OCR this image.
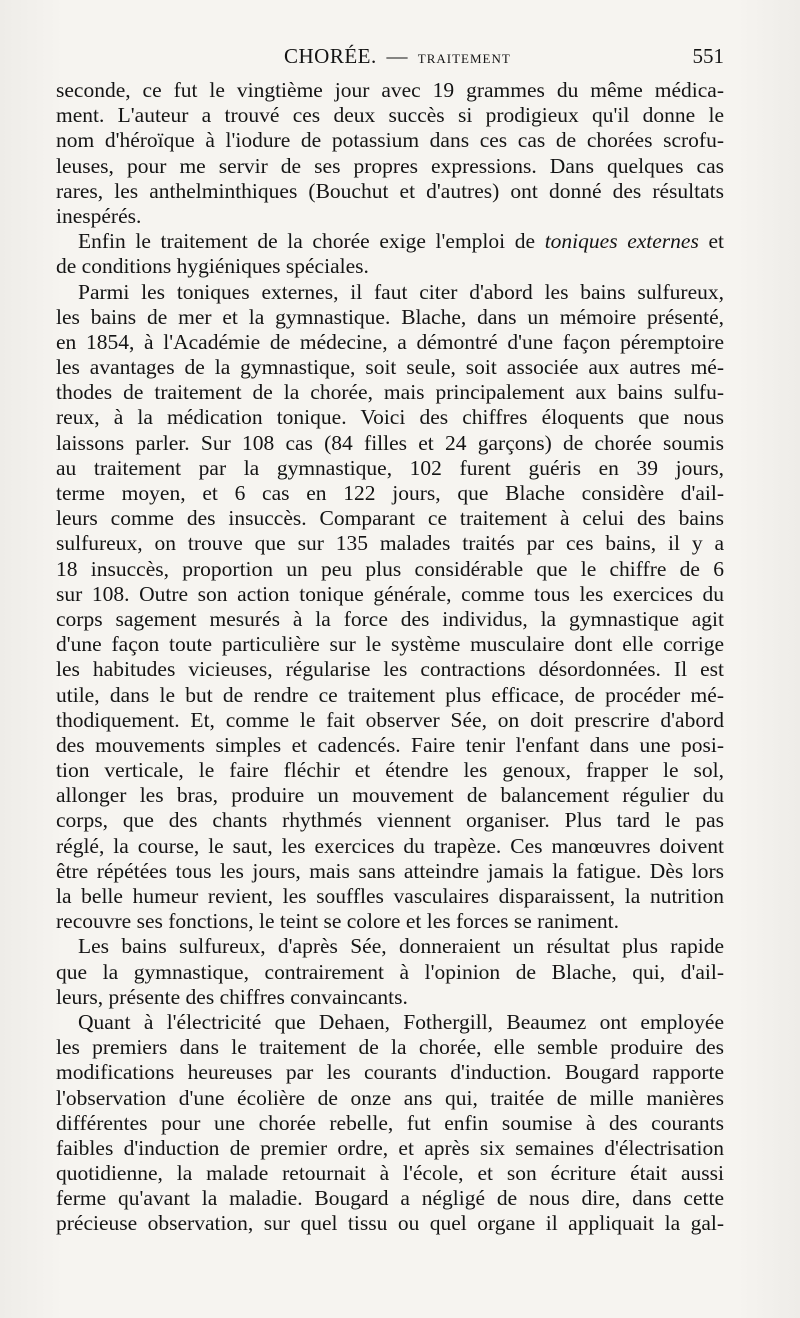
CHORÉE. — TRAITEMENT	551
seconde, ce fut le vingtième jour avec 19 grammes du même médica-
ment. L'auteur a trouvé ces deux succès si prodigieux qu'il donne le
nom d'héroïque à l'iodure de potassium dans ces cas de chorées scrofu-
leuses, pour me servir de ses propres expressions. Dans quelques cas
rares, les anthelminthiques (Bouchut et d'autres) ont donné des résultats
inespérés.
Enfin le traitement de la chorée exige l'emploi de toniques externes et
de conditions hygiéniques spéciales.
Parmi les toniques externes, il faut citer d'abord les bains sulfureux,
les bains de mer et la gymnastique. Blache, dans un mémoire présenté,
en 1854, à l'Académie de médecine, a démontré d'une façon péremptoire
les avantages de la gymnastique, soit seule, soit associée aux autres mé-
thodes de traitement de la chorée, mais principalement aux bains sulfu-
reux, à la médication tonique. Voici des chiffres éloquents que nous
laissons parler. Sur 108 cas (84 filles et 24 garçons) de chorée soumis
au traitement par la gymnastique, 102 furent guéris en 39 jours,
terme moyen, et 6 cas en 122 jours, que Blache considère d'ail-
leurs comme des insuccès. Comparant ce traitement à celui des bains
sulfureux, on trouve que sur 135 malades traités par ces bains, il y a
18 insuccès, proportion un peu plus considérable que le chiffre de 6
sur 108. Outre son action tonique générale, comme tous les exercices du
corps sagement mesurés à la force des individus, la gymnastique agit
d'une façon toute particulière sur le système musculaire dont elle corrige
les habitudes vicieuses, régularise les contractions désordonnées. Il est
utile, dans le but de rendre ce traitement plus efficace, de procéder mé-
thodiquement. Et, comme le fait observer Sée, on doit prescrire d'abord
des mouvements simples et cadencés. Faire tenir l'enfant dans une posi-
tion verticale, le faire fléchir et étendre les genoux, frapper le sol,
allonger les bras, produire un mouvement de balancement régulier du
corps, que des chants rhythmés viennent organiser. Plus tard le pas
réglé, la course, le saut, les exercices du trapèze. Ces manœuvres doivent
être répétées tous les jours, mais sans atteindre jamais la fatigue. Dès lors
la belle humeur revient, les souffles vasculaires disparaissent, la nutrition
recouvre ses fonctions, le teint se colore et les forces se raniment.
Les bains sulfureux, d'après Sée, donneraient un résultat plus rapide
que la gymnastique, contrairement à l'opinion de Blache, qui, d'ail-
leurs, présente des chiffres convaincants.
Quant à l'électricité que Dehaen, Fothergill, Beaumez ont employée
les premiers dans le traitement de la chorée, elle semble produire des
modifications heureuses par les courants d'induction. Bougard rapporte
l'observation d'une écolière de onze ans qui, traitée de mille manières
différentes pour une chorée rebelle, fut enfin soumise à des courants
faibles d'induction de premier ordre, et après six semaines d'électrisation
quotidienne, la malade retournait à l'école, et son écriture était aussi
ferme qu'avant la maladie. Bougard a négligé de nous dire, dans cette
précieuse observation, sur quel tissu ou quel organe il appliquait la gal-
